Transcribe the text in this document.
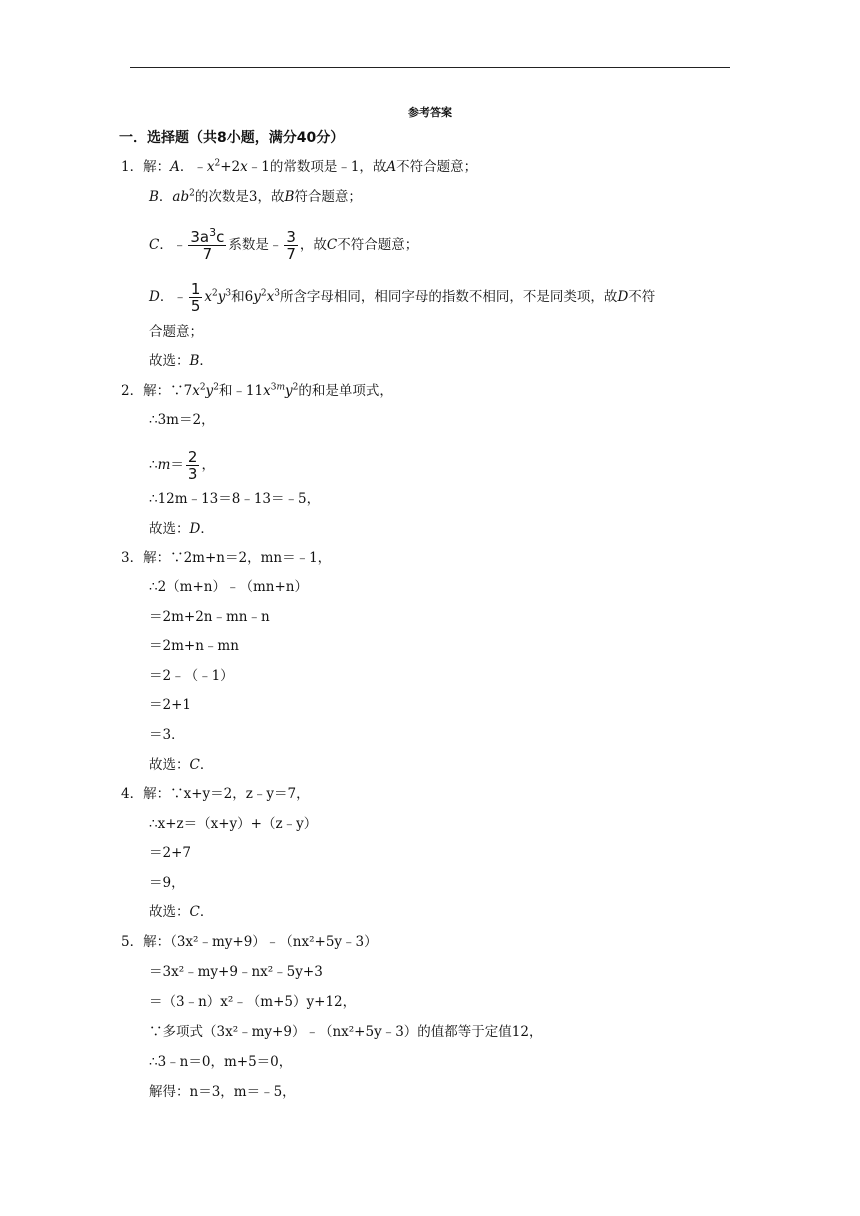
参考答案
一．选择题（共8小题，满分40分）
1．解：A．$﹣x^2+2x﹣1$的常数项是﹣1，故A不符合题意；
B．$ab^2$的次数是3，故B符合题意；
C．﹣ $\frac{3a^3c}{7}$ 系数是﹣ $\frac{3}{7}$ ，故C不符合题意；
D．﹣ $\frac{1}{5} x^2y^3$和$6y^2x^3$所含字母相同，相同字母的指数不相同，不是同类项，故D不符
合题意；
故选：B．
2．解：$\because 7x^2y^2$和$﹣11x^{3m}y^2$的和是单项式，
∴3m＝2，
∴m＝ $\frac{2}{3}$ ，
∴12m﹣13＝8﹣13＝﹣5，
故选：D．
3．解：∵2m+n＝2，mn＝﹣1，
∴2（m+n）﹣（mn+n）
＝2m+2n﹣mn﹣n
＝2m+n﹣mn
＝2﹣（﹣1）
＝2+1
＝3．
故选：C．
4．解：∵x+y＝2，z﹣y＝7，
∴x+z＝（x+y）+（z﹣y）
＝2+7
＝9，
故选：C．
5．解：（3x²﹣my+9）﹣（nx²+5y﹣3）
＝3x²﹣my+9﹣nx²﹣5y+3
＝（3﹣n）x²﹣（m+5）y+12，
∵多项式（3x²﹣my+9）﹣（nx²+5y﹣3）的值都等于定值12，
∴3﹣n＝0，m+5＝0，
解得：n＝3，m＝﹣5，
